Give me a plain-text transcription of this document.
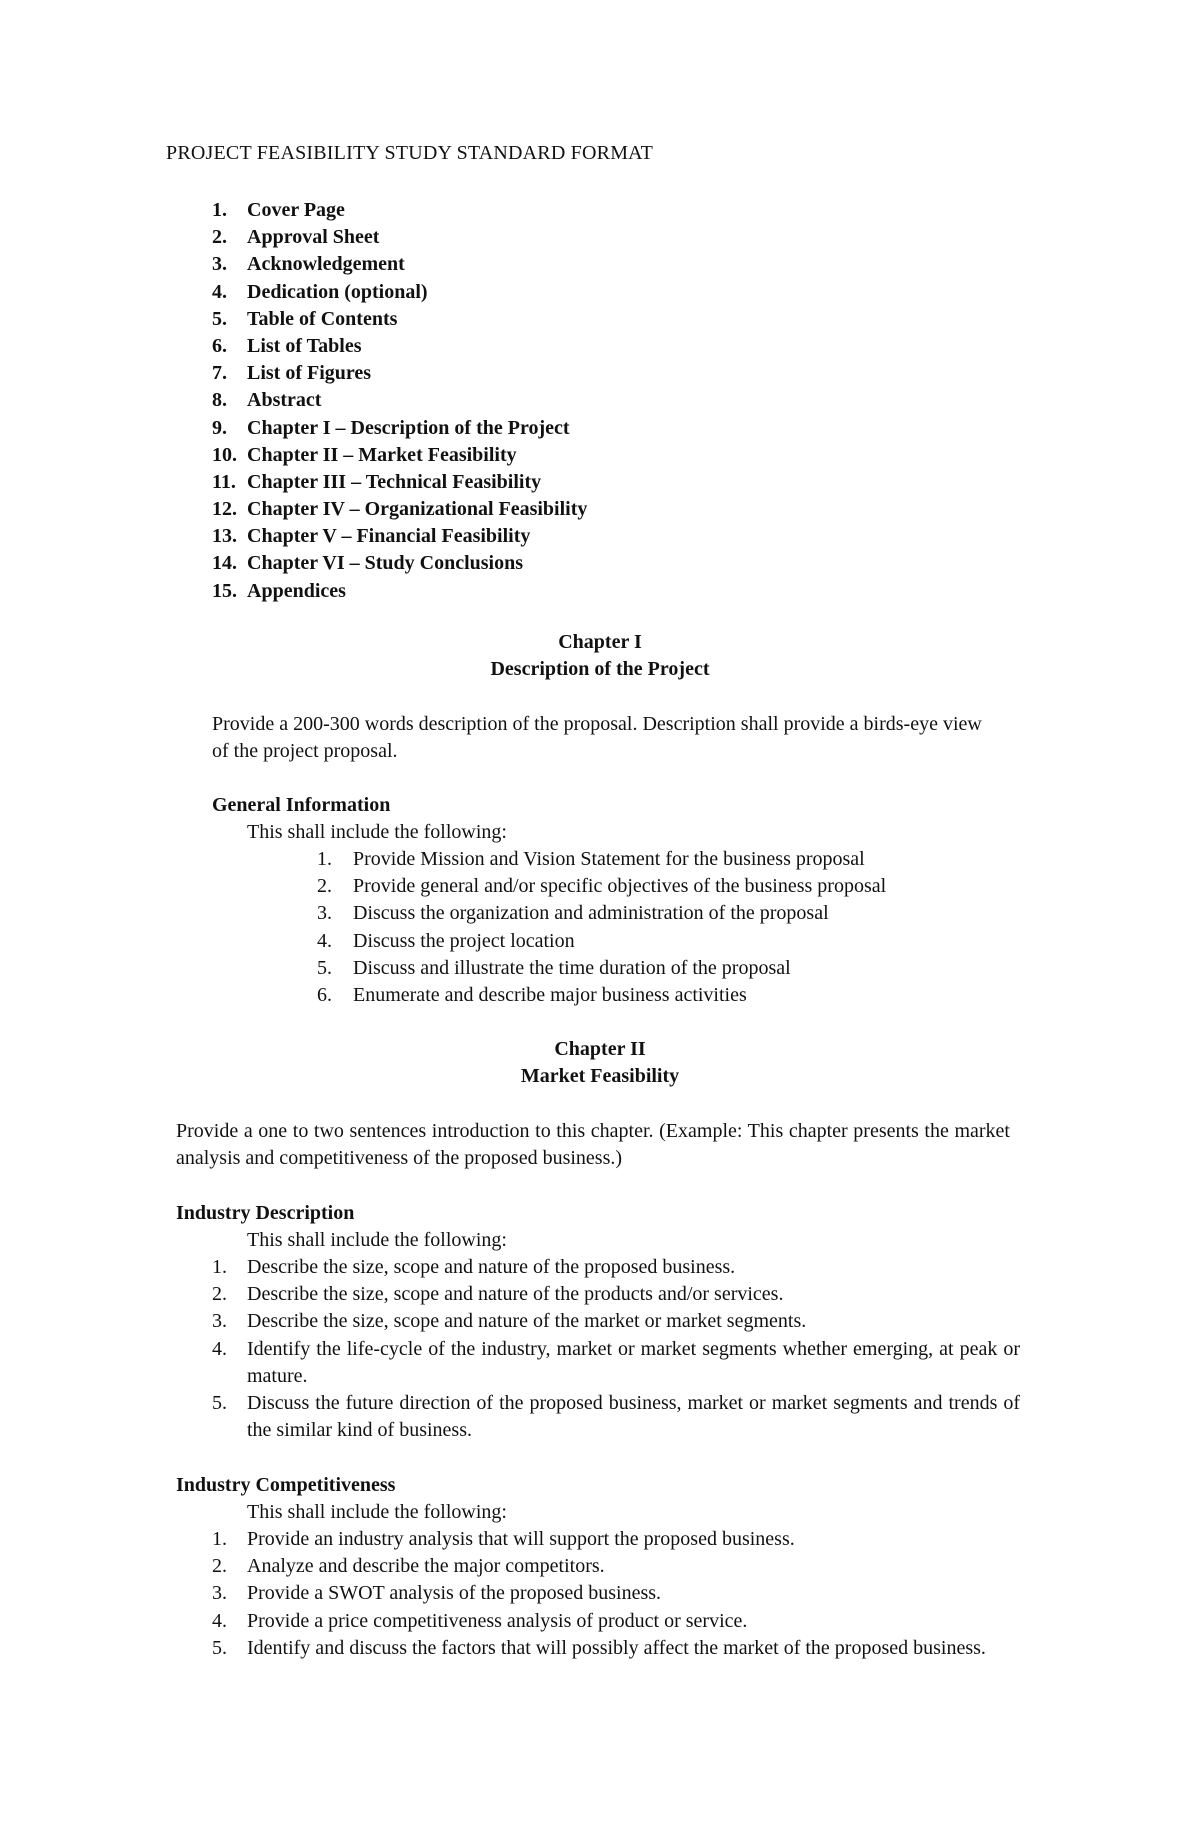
PROJECT FEASIBILITY STUDY STANDARD FORMAT
1.	Cover Page
2.	Approval Sheet
3.	Acknowledgement
4.	Dedication (optional)
5.	Table of Contents
6.	List of Tables
7.	List of Figures
8.	Abstract
9.	Chapter I – Description of the Project
10. Chapter II – Market Feasibility
11. Chapter III – Technical Feasibility
12. Chapter IV – Organizational Feasibility
13. Chapter V – Financial Feasibility
14. Chapter VI – Study Conclusions
15. Appendices
Chapter I
Description of the Project
Provide a 200-300 words description of the proposal. Description shall provide a birds-eye view of the project proposal.
General Information
This shall include the following:
1.	Provide Mission and Vision Statement for the business proposal
2.	Provide general and/or specific objectives of the business proposal
3.	Discuss the organization and administration of the proposal
4.	Discuss the project location
5.	Discuss and illustrate the time duration of the proposal
6.	Enumerate and describe major business activities
Chapter II
Market Feasibility
Provide a one to two sentences introduction to this chapter. (Example: This chapter presents the market analysis and competitiveness of the proposed business.)
Industry Description
This shall include the following:
1.	Describe the size, scope and nature of the proposed business.
2.	Describe the size, scope and nature of the products and/or services.
3.	Describe the size, scope and nature of the market or market segments.
4.	Identify the life-cycle of the industry, market or market segments whether emerging, at peak or mature.
5.	Discuss the future direction of the proposed business, market or market segments and trends of the similar kind of business.
Industry Competitiveness
This shall include the following:
1.	Provide an industry analysis that will support the proposed business.
2.	Analyze and describe the major competitors.
3.	Provide a SWOT analysis of the proposed business.
4.	Provide a price competitiveness analysis of product or service.
5.	Identify and discuss the factors that will possibly affect the market of the proposed business.
